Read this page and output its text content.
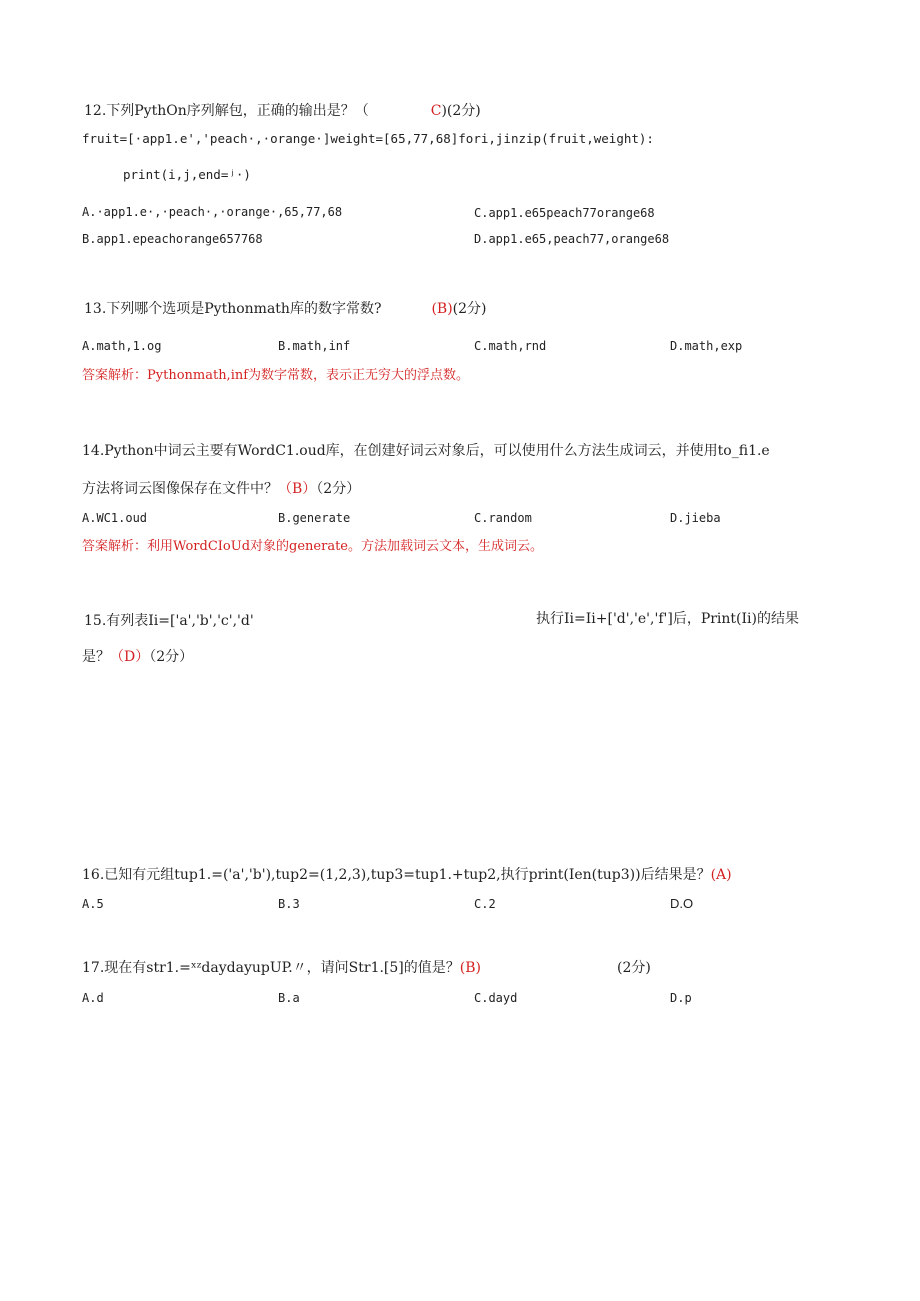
12.下列PythOn序列解包，正确的输出是？（	C)(2分)
fruit=[·app1.e','peach·,·orange·]weight=[65,77,68]fori,jinzip(fruit,weight):
print(i,j,end=ʲ·)
A.·app1.e·,·peach·,·orange·,65,77,68	C.app1.e65peach77orange68
B.app1.epeachorange657768	D.app1.e65,peach77,orange68
13.下列哪个选项是Pythonmath库的数字常数?	(B)(2分)
A.math,1.og	B.math,inf	C.math,rnd	D.math,exp
答案解析：Pythonmath,inf为数字常数，表示正无穷大的浮点数。
14.Python中词云主要有WordC1.oud库，在创建好词云对象后，可以使用什么方法生成词云，并使用to_fi1.e
方法将词云图像保存在文件中？（B）（2分）
A.WC1.oud	B.generate	C.random	D.jieba
答案解析：利用WordCIoUd对象的generate。方法加载词云文本，生成词云。
15.有列表Ii=['a','b','c','d'	执行Ii=Ii+['d','e','f']后，Print(Ii)的结果
是？（D）（2分）
16.已知有元组tup1.=('a','b'),tup2=(1,2,3),tup3=tup1.+tup2,执行print(Ien(tup3))后结果是？(A)
A.5	B.3	C.2	D.O
17.现在有str1.=ˣᶻdaydayupUP.〃，请问Str1.[5]的值是？(B)	(2分)
A.d	B.a	C.dayd	D.p
